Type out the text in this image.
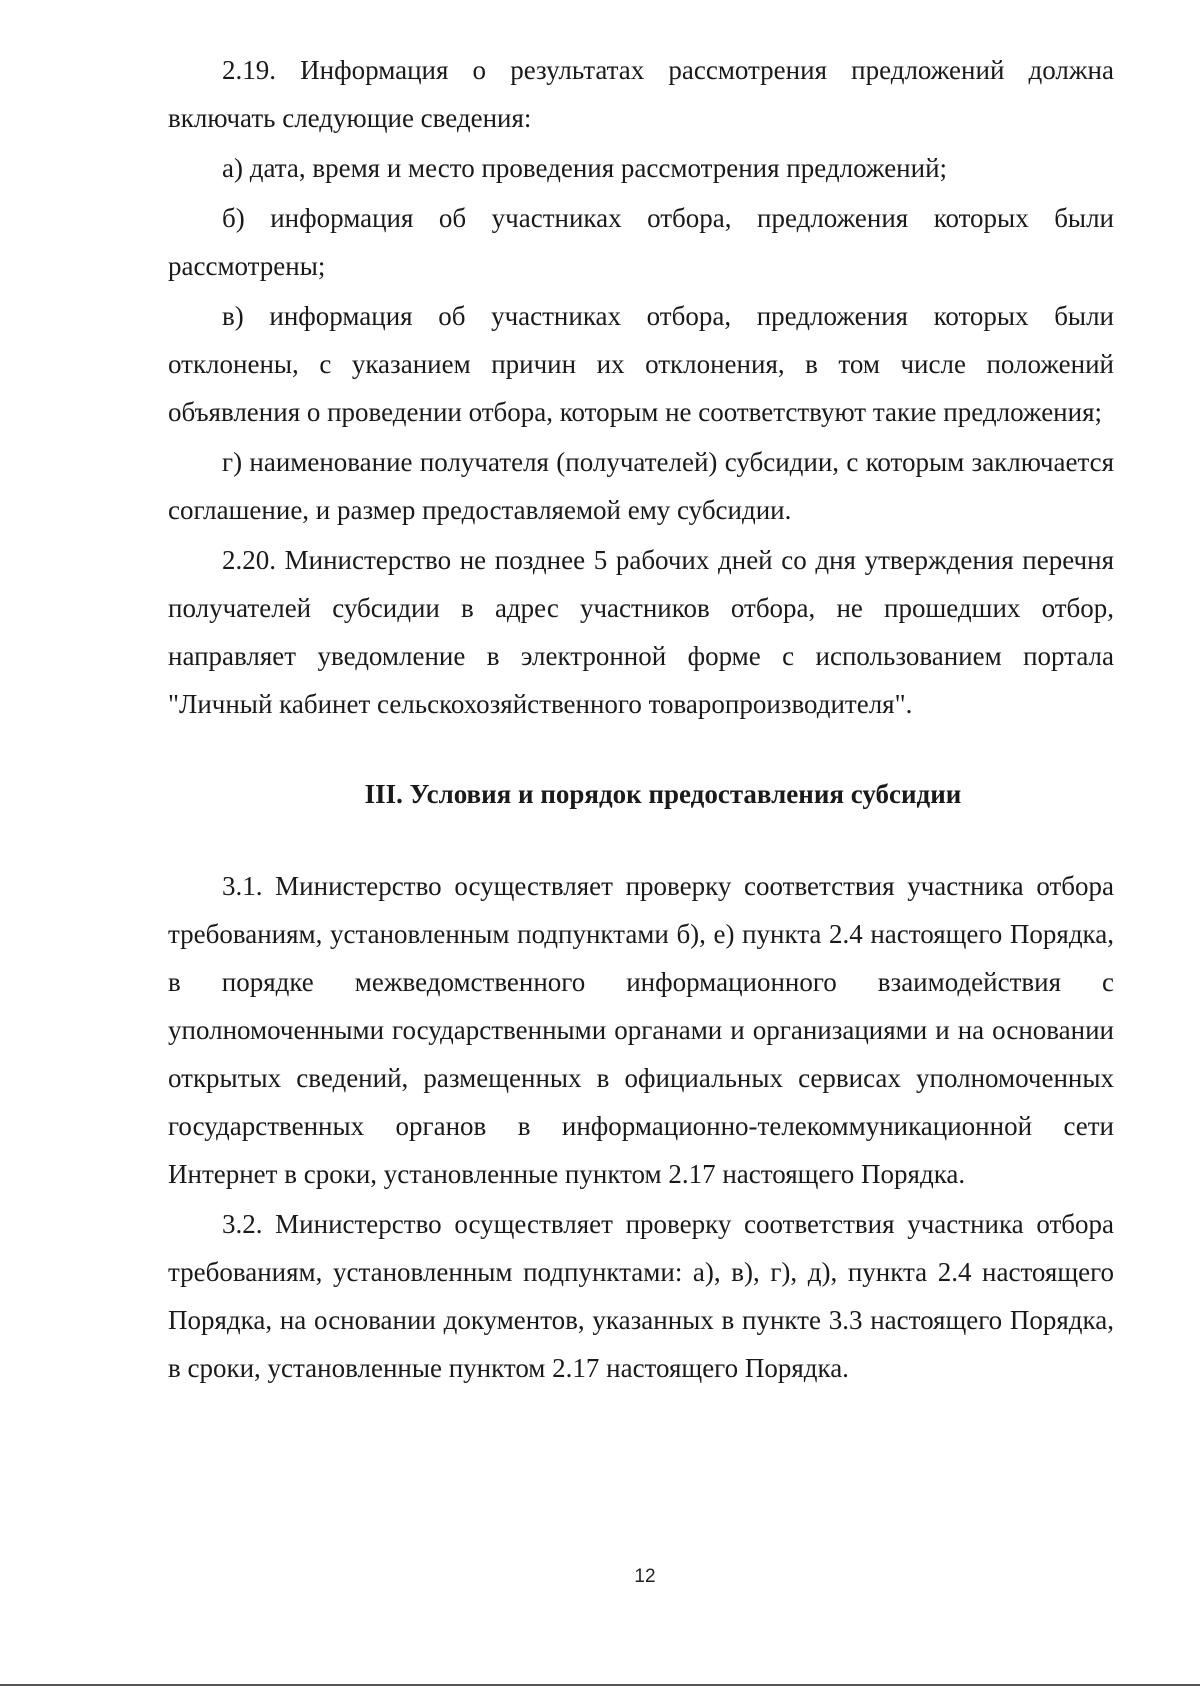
2.19. Информация о результатах рассмотрения предложений должна включать следующие сведения:

а) дата, время и место проведения рассмотрения предложений;

б) информация об участниках отбора, предложения которых были рассмотрены;

в) информация об участниках отбора, предложения которых были отклонены, с указанием причин их отклонения, в том числе положений объявления о проведении отбора, которым не соответствуют такие предложения;

г) наименование получателя (получателей) субсидии, с которым заключается соглашение, и размер предоставляемой ему субсидии.

2.20. Министерство не позднее 5 рабочих дней со дня утверждения перечня получателей субсидии в адрес участников отбора, не прошедших отбор, направляет уведомление в электронной форме с использованием портала "Личный кабинет сельскохозяйственного товаропроизводителя".

III. Условия и порядок предоставления субсидии

3.1. Министерство осуществляет проверку соответствия участника отбора требованиям, установленным подпунктами б), е) пункта 2.4 настоящего Порядка, в порядке межведомственного информационного взаимодействия с уполномоченными государственными органами и организациями и на основании открытых сведений, размещенных в официальных сервисах уполномоченных государственных органов в информационно-телекоммуникационной сети Интернет в сроки, установленные пунктом 2.17 настоящего Порядка.

3.2. Министерство осуществляет проверку соответствия участника отбора требованиям, установленным подпунктами: а), в), г), д), пункта 2.4 настоящего Порядка, на основании документов, указанных в пункте 3.3 настоящего Порядка, в сроки, установленные пунктом 2.17 настоящего Порядка.

12
